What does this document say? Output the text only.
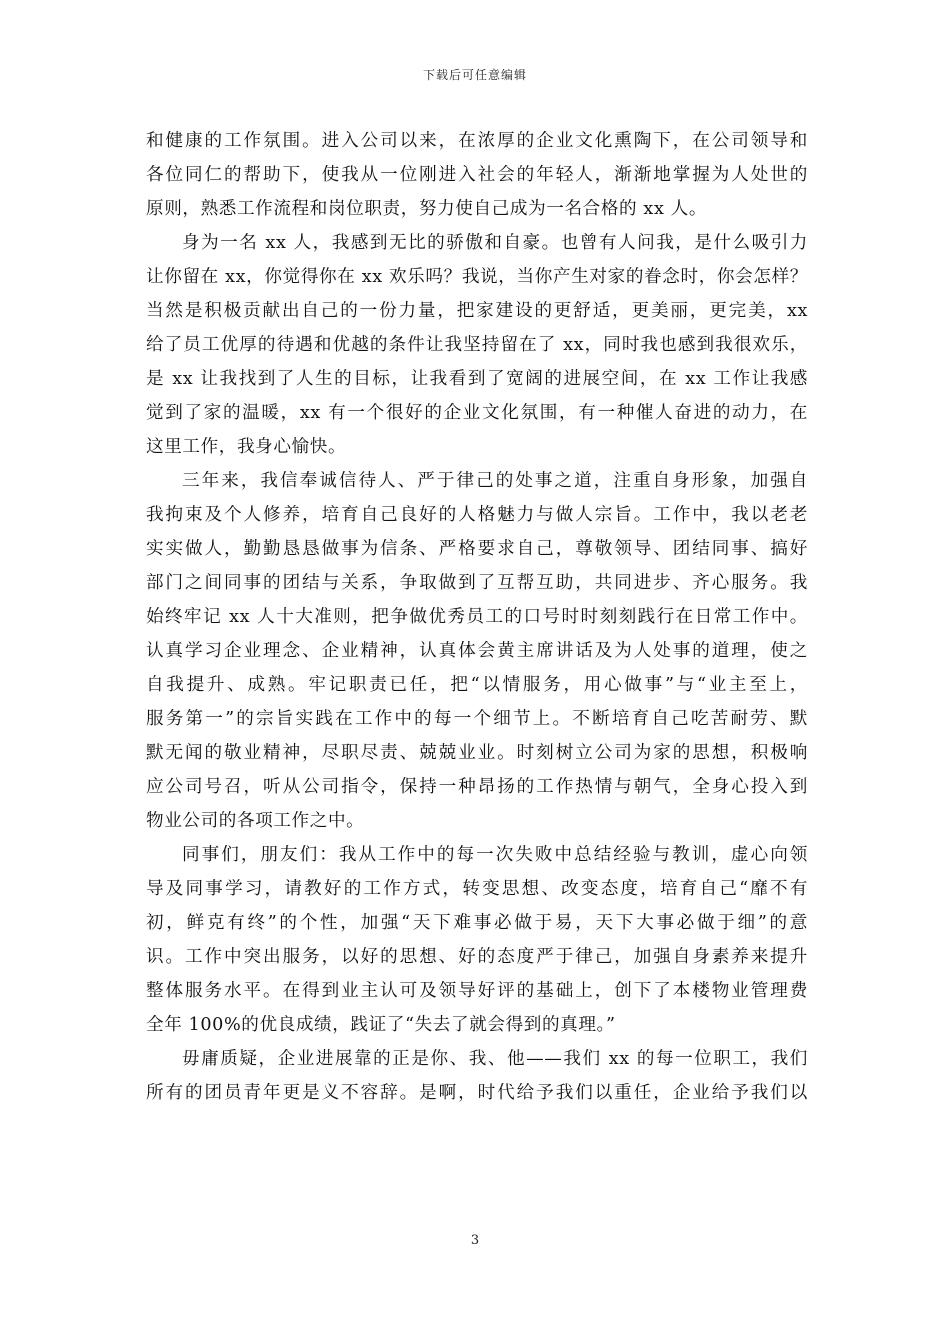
下载后可任意编辑
和健康的工作氛围。进入公司以来，在浓厚的企业文化熏陶下，在公司领导和
各位同仁的帮助下，使我从一位刚进入社会的年轻人，渐渐地掌握为人处世的
原则，熟悉工作流程和岗位职责，努力使自己成为一名合格的 xx 人。
身为一名 xx 人，我感到无比的骄傲和自豪。也曾有人问我，是什么吸引力
让你留在 xx，你觉得你在 xx 欢乐吗？我说，当你产生对家的眷念时，你会怎样？
当然是积极贡献出自己的一份力量，把家建设的更舒适，更美丽，更完美，xx
给了员工优厚的待遇和优越的条件让我坚持留在了 xx，同时我也感到我很欢乐，
是 xx 让我找到了人生的目标，让我看到了宽阔的进展空间，在 xx 工作让我感
觉到了家的温暖，xx 有一个很好的企业文化氛围，有一种催人奋进的动力，在
这里工作，我身心愉快。
三年来，我信奉诚信待人、严于律己的处事之道，注重自身形象，加强自
我拘束及个人修养，培育自己良好的人格魅力与做人宗旨。工作中，我以老老
实实做人，勤勤恳恳做事为信条、严格要求自己，尊敬领导、团结同事、搞好
部门之间同事的团结与关系，争取做到了互帮互助，共同进步、齐心服务。我
始终牢记 xx 人十大准则，把争做优秀员工的口号时时刻刻践行在日常工作中。
认真学习企业理念、企业精神，认真体会黄主席讲话及为人处事的道理，使之
自我提升、成熟。牢记职责已任，把“以情服务，用心做事”与“业主至上，
服务第一”的宗旨实践在工作中的每一个细节上。不断培育自己吃苦耐劳、默
默无闻的敬业精神，尽职尽责、兢兢业业。时刻树立公司为家的思想，积极响
应公司号召，听从公司指令，保持一种昂扬的工作热情与朝气，全身心投入到
物业公司的各项工作之中。
同事们，朋友们：我从工作中的每一次失败中总结经验与教训，虚心向领
导及同事学习，请教好的工作方式，转变思想、改变态度，培育自己“靡不有
初，鲜克有终”的个性，加强“天下难事必做于易，天下大事必做于细”的意
识。工作中突出服务，以好的思想、好的态度严于律己，加强自身素养来提升
整体服务水平。在得到业主认可及领导好评的基础上，创下了本楼物业管理费
全年 100%的优良成绩，践证了“失去了就会得到的真理。”
毋庸质疑，企业进展靠的正是你、我、他——我们 xx 的每一位职工，我们
所有的团员青年更是义不容辞。是啊，时代给予我们以重任，企业给予我们以
3
